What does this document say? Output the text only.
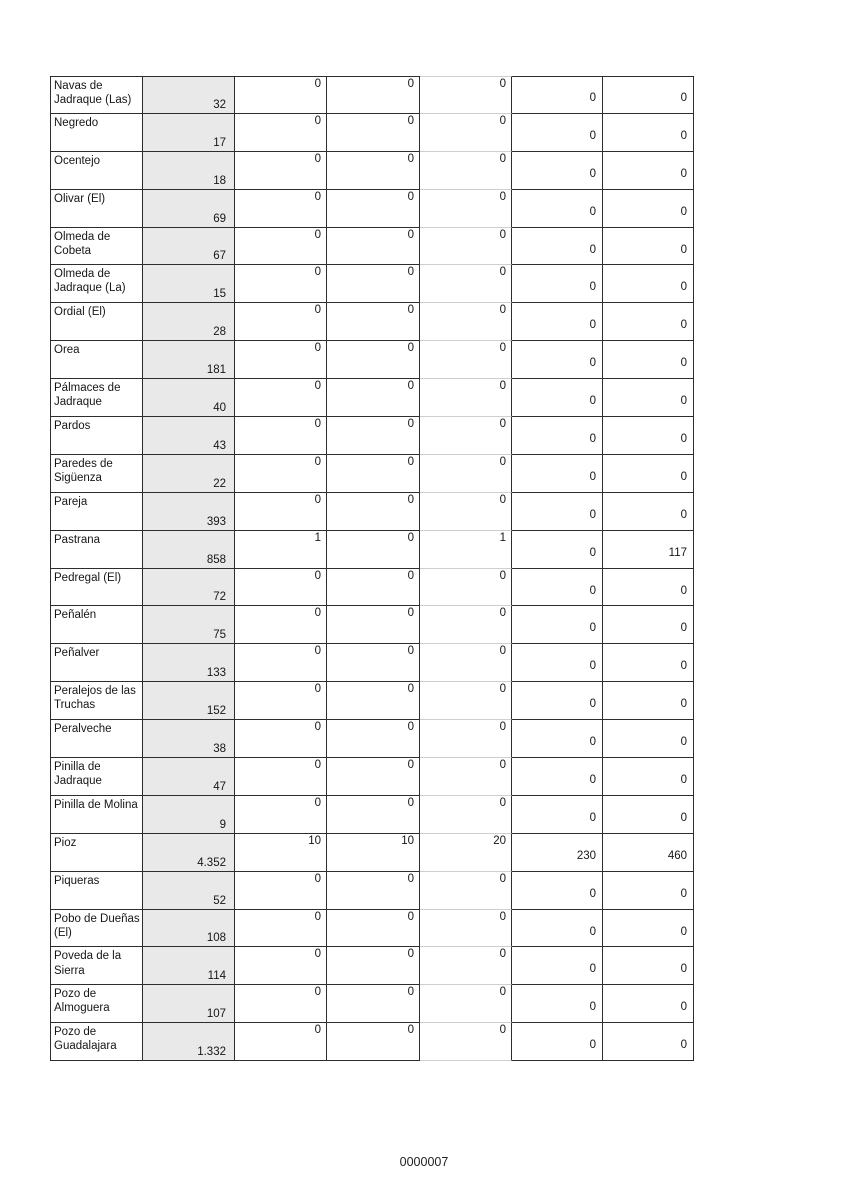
Navas de Jadraque (Las)	32	0	0	0	0	0
Negredo	17	0	0	0	0	0
Ocentejo	18	0	0	0	0	0
Olivar (El)	69	0	0	0	0	0
Olmeda de Cobeta	67	0	0	0	0	0
Olmeda de Jadraque (La)	15	0	0	0	0	0
Ordial (El)	28	0	0	0	0	0
Orea	181	0	0	0	0	0
Pálmaces de Jadraque	40	0	0	0	0	0
Pardos	43	0	0	0	0	0
Paredes de Sigüenza	22	0	0	0	0	0
Pareja	393	0	0	0	0	0
Pastrana	858	1	0	1	0	117
Pedregal (El)	72	0	0	0	0	0
Peñalén	75	0	0	0	0	0
Peñalver	133	0	0	0	0	0
Peralejos de las Truchas	152	0	0	0	0	0
Peralveche	38	0	0	0	0	0
Pinilla de Jadraque	47	0	0	0	0	0
Pinilla de Molina	9	0	0	0	0	0
Pioz	4.352	10	10	20	230	460
Piqueras	52	0	0	0	0	0
Pobo de Dueñas (El)	108	0	0	0	0	0
Poveda de la Sierra	114	0	0	0	0	0
Pozo de Almoguera	107	0	0	0	0	0
Pozo de Guadalajara	1.332	0	0	0	0	0
0000007
